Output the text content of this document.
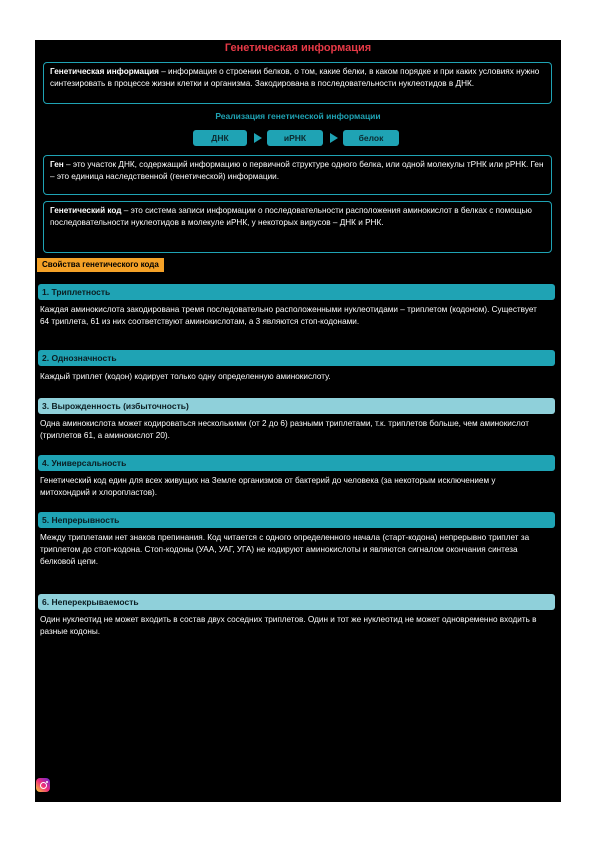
Генетическая информация
Генетическая информация – информация о строении белков, о том, какие белки, в каком порядке и при каких условиях нужно синтезировать в процессе жизни клетки и организма. Закодирована в последовательности нуклеотидов в ДНК.
Реализация генетической информации
ДНК	иРНК	белок
Ген – это участок ДНК, содержащий информацию о первичной структуре одного белка, или одной молекулы тРНК или рРНК. Ген – это единица наследственной (генетической) информации.
Генетический код – это система записи информации о последовательности расположения аминокислот в белках с помощью последовательности нуклеотидов в молекуле иРНК, у некоторых вирусов – ДНК и РНК.
Свойства генетического кода
1. Триплетность
Каждая аминокислота закодирована тремя последовательно расположенными нуклеотидами – триплетом (кодоном). Существует 64 триплета, 61 из них соответствуют аминокислотам, а 3 являются стоп-кодонами.
2. Однозначность
Каждый триплет (кодон) кодирует только одну определенную аминокислоту.
3. Вырожденность (избыточность)
Одна аминокислота может кодироваться несколькими (от 2 до 6) разными триплетами, т.к. триплетов больше, чем аминокислот (триплетов 61, а аминокислот 20).
4. Универсальность
Генетический код един для всех живущих на Земле организмов от бактерий до человека (за некоторым исключением у митохондрий и хлоропластов).
5. Непрерывность
Между триплетами нет знаков препинания. Код читается с одного определенного начала (старт-кодона) непрерывно триплет за триплетом до стоп-кодона. Стоп-кодоны (УАА, УАГ, УГА) не кодируют аминокислоты и являются сигналом окончания синтеза белковой цепи.
6. Неперекрываемость
Один нуклеотид не может входить в состав двух соседних триплетов. Один и тот же нуклеотид не может одновременно входить в разные кодоны.
